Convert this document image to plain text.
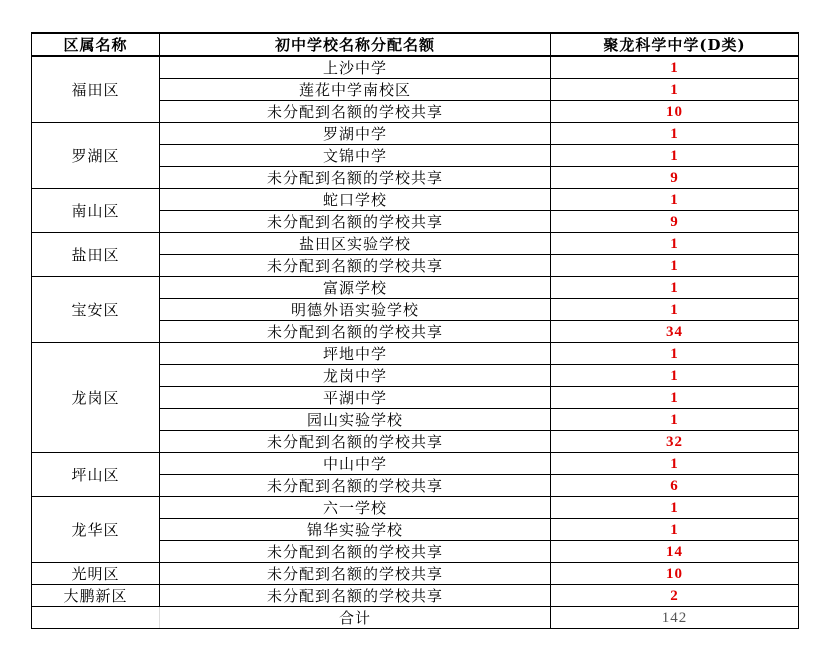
区属名称	初中学校名称分配名额	聚龙科学中学(D类)
福田区	上沙中学	1
	莲花中学南校区	1
	未分配到名额的学校共享	10
罗湖区	罗湖中学	1
	文锦中学	1
	未分配到名额的学校共享	9
南山区	蛇口学校	1
	未分配到名额的学校共享	9
盐田区	盐田区实验学校	1
	未分配到名额的学校共享	1
宝安区	富源学校	1
	明德外语实验学校	1
	未分配到名额的学校共享	34
龙岗区	坪地中学	1
	龙岗中学	1
	平湖中学	1
	园山实验学校	1
	未分配到名额的学校共享	32
坪山区	中山中学	1
	未分配到名额的学校共享	6
龙华区	六一学校	1
	锦华实验学校	1
	未分配到名额的学校共享	14
光明区	未分配到名额的学校共享	10
大鹏新区	未分配到名额的学校共享	2
	合计	142
